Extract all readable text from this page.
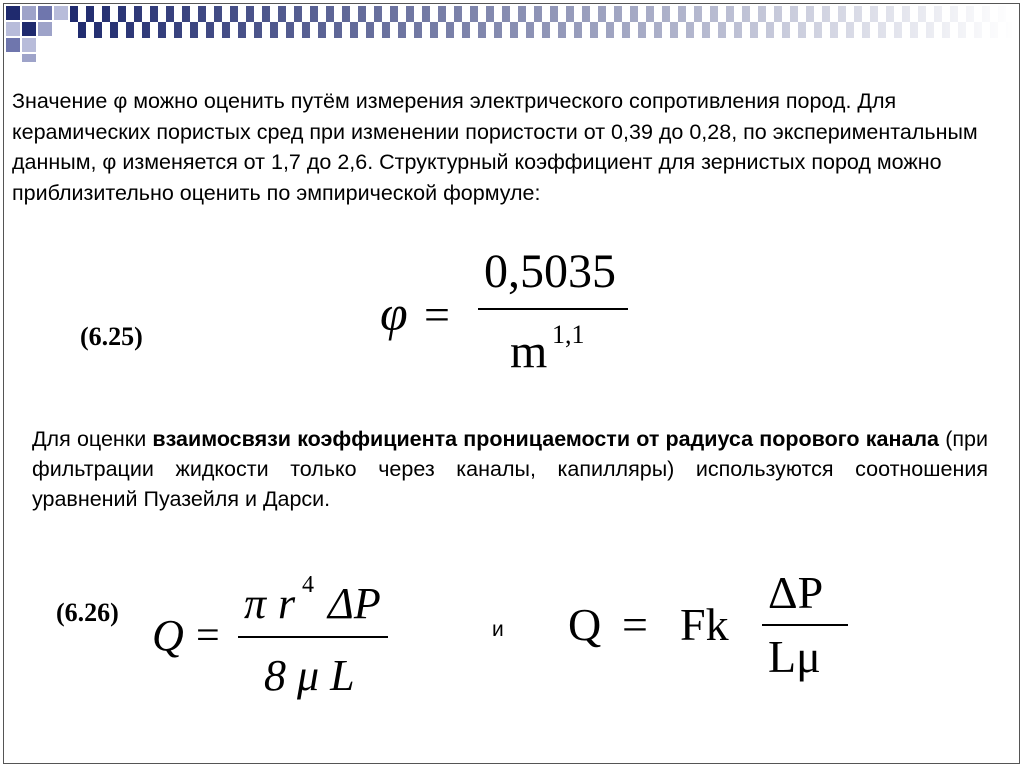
Значение φ можно оценить путём измерения электрического сопротивления пород. Для керамических пористых сред при изменении пористости от 0,39 до 0,28, по экспериментальным данным, φ изменяется от 1,7 до 2,6. Структурный коэффициент для зернистых пород можно приблизительно оценить по эмпирической формуле:
(6.25)	φ =
0,5035
m 1,1
Для оценки взаимосвязи коэффициента проницаемости от радиуса порового канала (при фильтрации жидкости только через каналы, капилляры) используются соотношения уравнений Пуазейля и Дарси.
(6.26) Q =
π r 4 ΔP
8 μ L
и Q = Fk
ΔP
Lμ
